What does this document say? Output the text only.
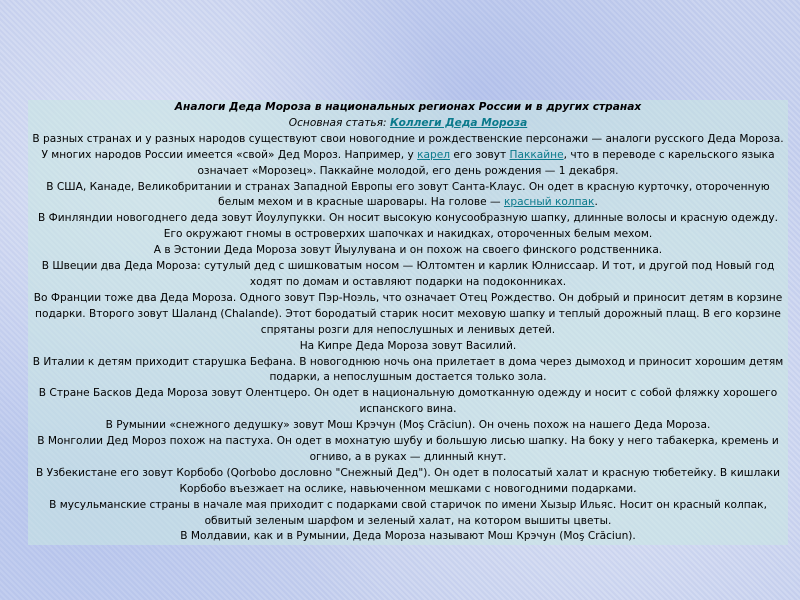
Аналоги Деда Мороза в национальных регионах России и в других странах

Основная статья: Коллеги Деда Мороза

В разных странах и у разных народов существуют свои новогодние и рождественские персонажи — аналоги русского Деда Мороза.

У многих народов России имеется «свой» Дед Мороз. Например, у карел его зовут Паккайне, что в переводе с карельского языка означает «Морозец». Паккайне молодой, его день рождения — 1 декабря.

В США, Канаде, Великобритании и странах Западной Европы его зовут Санта-Клаус. Он одет в красную курточку, отороченную белым мехом и в красные шаровары. На голове — красный колпак.

В Финляндии новогоднего деда зовут Йоулупукки. Он носит высокую конусообразную шапку, длинные волосы и красную одежду. Его окружают гномы в островерхих шапочках и накидках, отороченных белым мехом.

А в Эстонии Деда Мороза зовут Йыулувана и он похож на своего финского родственника.

В Швеции два Деда Мороза: сутулый дед с шишковатым носом — Юлтомтен и карлик Юлниссаар. И тот, и другой под Новый год ходят по домам и оставляют подарки на подоконниках.

Во Франции тоже два Деда Мороза. Одного зовут Пэр-Ноэль, что означает Отец Рождество. Он добрый и приносит детям в корзине подарки. Второго зовут Шаланд (Chalande). Этот бородатый старик носит меховую шапку и теплый дорожный плащ. В его корзине спрятаны розги для непослушных и ленивых детей.

На Кипре Деда Мороза зовут Василий.

В Италии к детям приходит старушка Бефана. В новогоднюю ночь она прилетает в дома через дымоход и приносит хорошим детям подарки, а непослушным достается только зола.

В Стране Басков Деда Мороза зовут Олентцеро. Он одет в национальную домотканную одежду и носит с собой фляжку хорошего испанского вина.

В Румынии «снежного дедушку» зовут Мош Крэчун (Moş Crăciun). Он очень похож на нашего Деда Мороза.

В Монголии Дед Мороз похож на пастуха. Он одет в мохнатую шубу и большую лисью шапку. На боку у него табакерка, кремень и огниво, а в руках — длинный кнут.

В Узбекистане его зовут Корбобо (Qorbobo дословно "Снежный Дед"). Он одет в полосатый халат и красную тюбетейку. В кишлаки Корбобо въезжает на ослике, навьюченном мешками с новогодними подарками.

В мусульманские страны в начале мая приходит с подарками свой старичок по имени Хызыр Ильяс. Носит он красный колпак, обвитый зеленым шарфом и зеленый халат, на котором вышиты цветы.

В Молдавии, как и в Румынии, Деда Мороза называют Мош Крэчун (Moş Crăciun).
